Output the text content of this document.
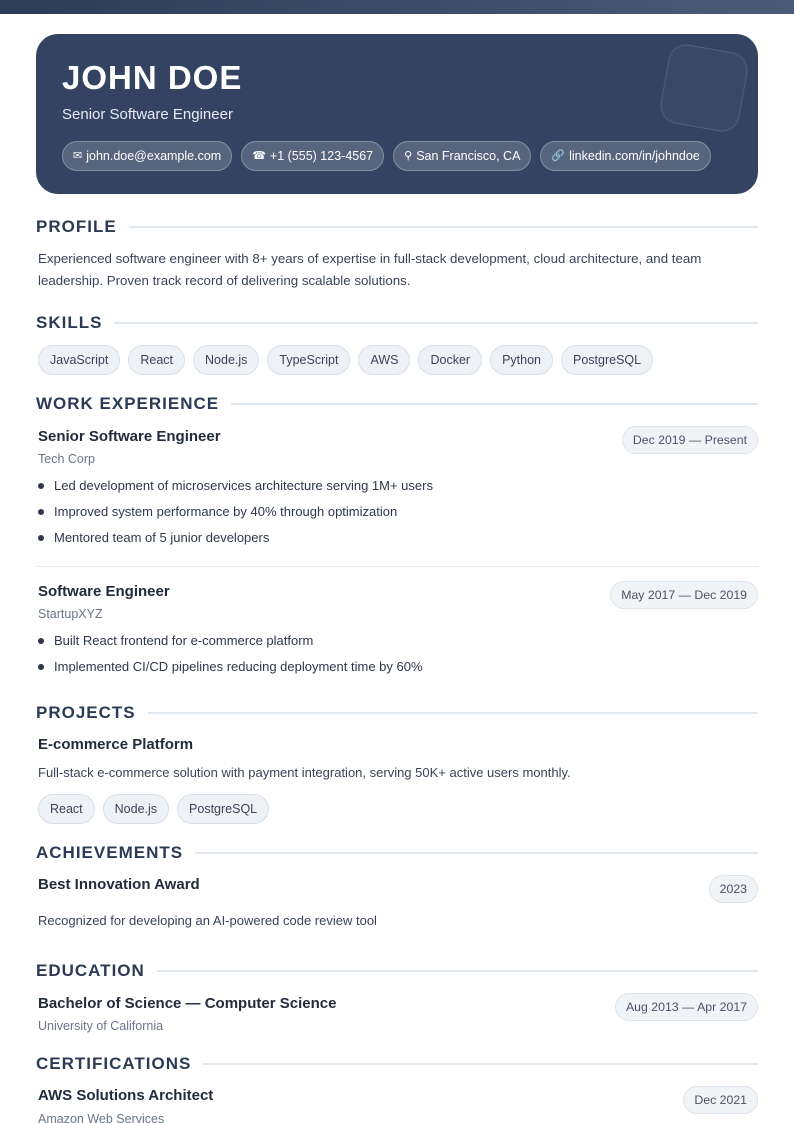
JOHN DOE
Senior Software Engineer
✉ john.doe@example.com	☎ +1 (555) 123-4567	⚲ San Francisco, CA	🔗 linkedin.com/in/johndoe
PROFILE
Experienced software engineer with 8+ years of expertise in full-stack development, cloud architecture, and team leadership. Proven track record of delivering scalable solutions.
SKILLS
JavaScript	React	Node.js	TypeScript	AWS	Docker	Python	PostgreSQL
WORK EXPERIENCE
Senior Software Engineer	Dec 2019 — Present
Tech Corp
Led development of microservices architecture serving 1M+ users
Improved system performance by 40% through optimization
Mentored team of 5 junior developers
Software Engineer	May 2017 — Dec 2019
StartupXYZ
Built React frontend for e-commerce platform
Implemented CI/CD pipelines reducing deployment time by 60%
PROJECTS
E-commerce Platform
Full-stack e-commerce solution with payment integration, serving 50K+ active users monthly.
React	Node.js	PostgreSQL
ACHIEVEMENTS
Best Innovation Award	2023
Recognized for developing an AI-powered code review tool
EDUCATION
Bachelor of Science — Computer Science	Aug 2013 — Apr 2017
University of California
CERTIFICATIONS
AWS Solutions Architect	Dec 2021
Amazon Web Services
